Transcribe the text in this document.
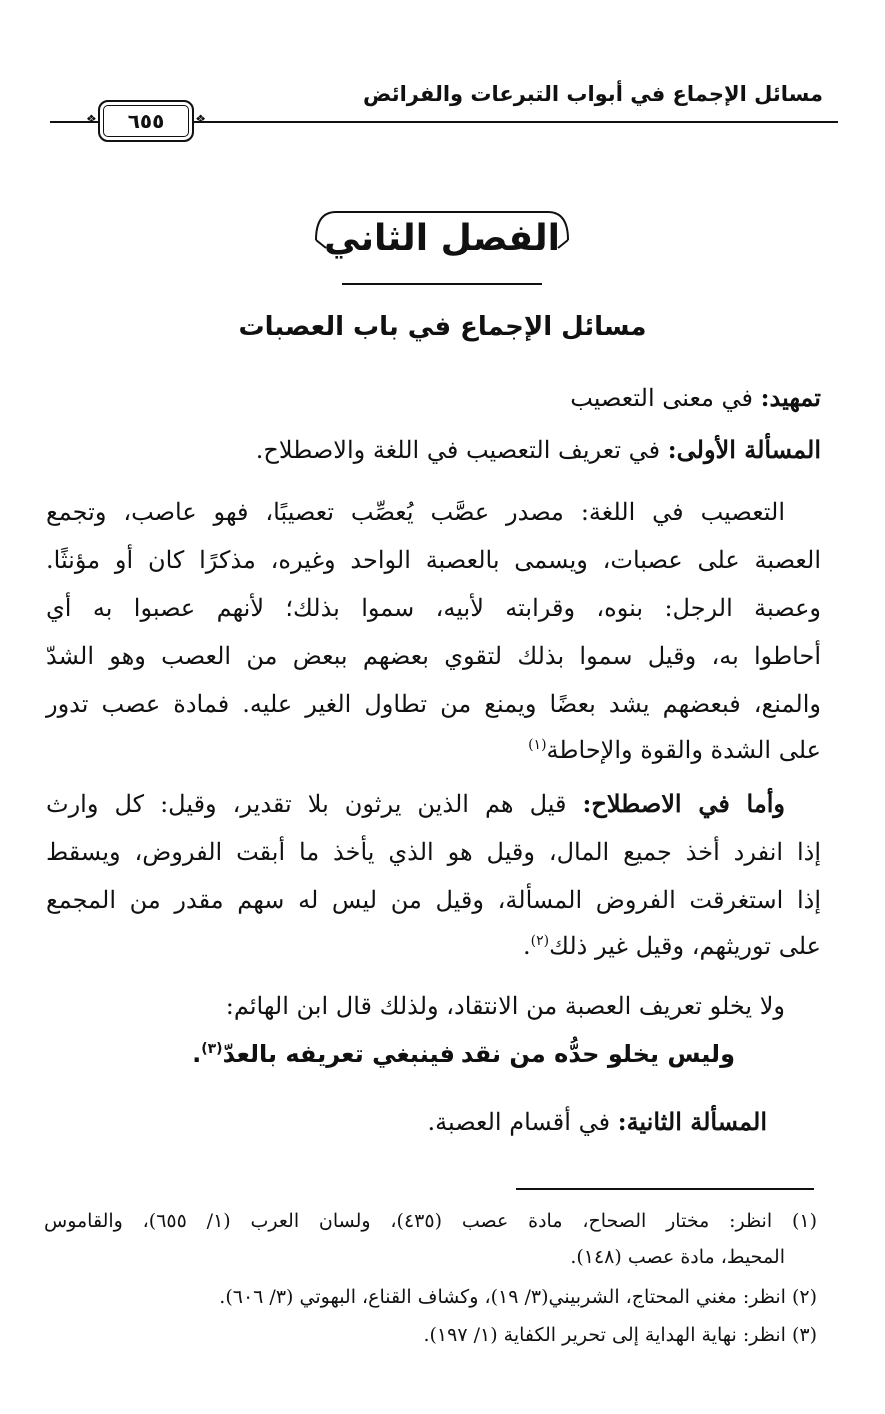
مسائل الإجماع في أبواب التبرعات والفرائض
❖ ٦٥٥	❖
الفصل الثاني
مسائل الإجماع في باب العصبات
تمهيد: في معنى التعصيب
المسألة الأولى: في تعريف التعصيب في اللغة والاصطلاح.
التعصيب في اللغة: مصدر عصَّب يُعصِّب تعصيبًا، فهو عاصب، وتجمع
العصبة على عصبات، ويسمى بالعصبة الواحد وغيره، مذكرًا كان أو مؤنثًا.
وعصبة الرجل: بنوه، وقرابته لأبيه، سموا بذلك؛ لأنهم عصبوا به أي
أحاطوا به، وقيل سموا بذلك لتقوي بعضهم ببعض من العصب وهو الشدّ
والمنع، فبعضهم يشد بعضًا ويمنع من تطاول الغير عليه. فمادة عصب تدور
على الشدة والقوة والإحاطة$^{(١)}$
وأما في الاصطلاح: قيل هم الذين يرثون بلا تقدير، وقيل: كل وارث
إذا انفرد أخذ جميع المال، وقيل هو الذي يأخذ ما أبقت الفروض، ويسقط
إذا استغرقت الفروض المسألة، وقيل من ليس له سهم مقدر من المجمع
على توريثهم، وقيل غير ذلك$^{(٢)}$.
ولا يخلو تعريف العصبة من الانتقاد، ولذلك قال ابن الهائم:
وليس يخلو حدُّه من نقد
فينبغي تعريفه بالعدّ$^{(٣)}$.
المسألة الثانية: في أقسام العصبة.
(١) انظر: مختار الصحاح، مادة عصب (٤٣٥)، ولسان العرب (١/ ٦٥٥)، والقاموس
المحيط، مادة عصب (١٤٨).
(٢) انظر: مغني المحتاج، الشربيني(٣/ ١٩)، وكشاف القناع، البهوتي (٣/ ٦٠٦).
(٣) انظر: نهاية الهداية إلى تحرير الكفاية (١/ ١٩٧).
